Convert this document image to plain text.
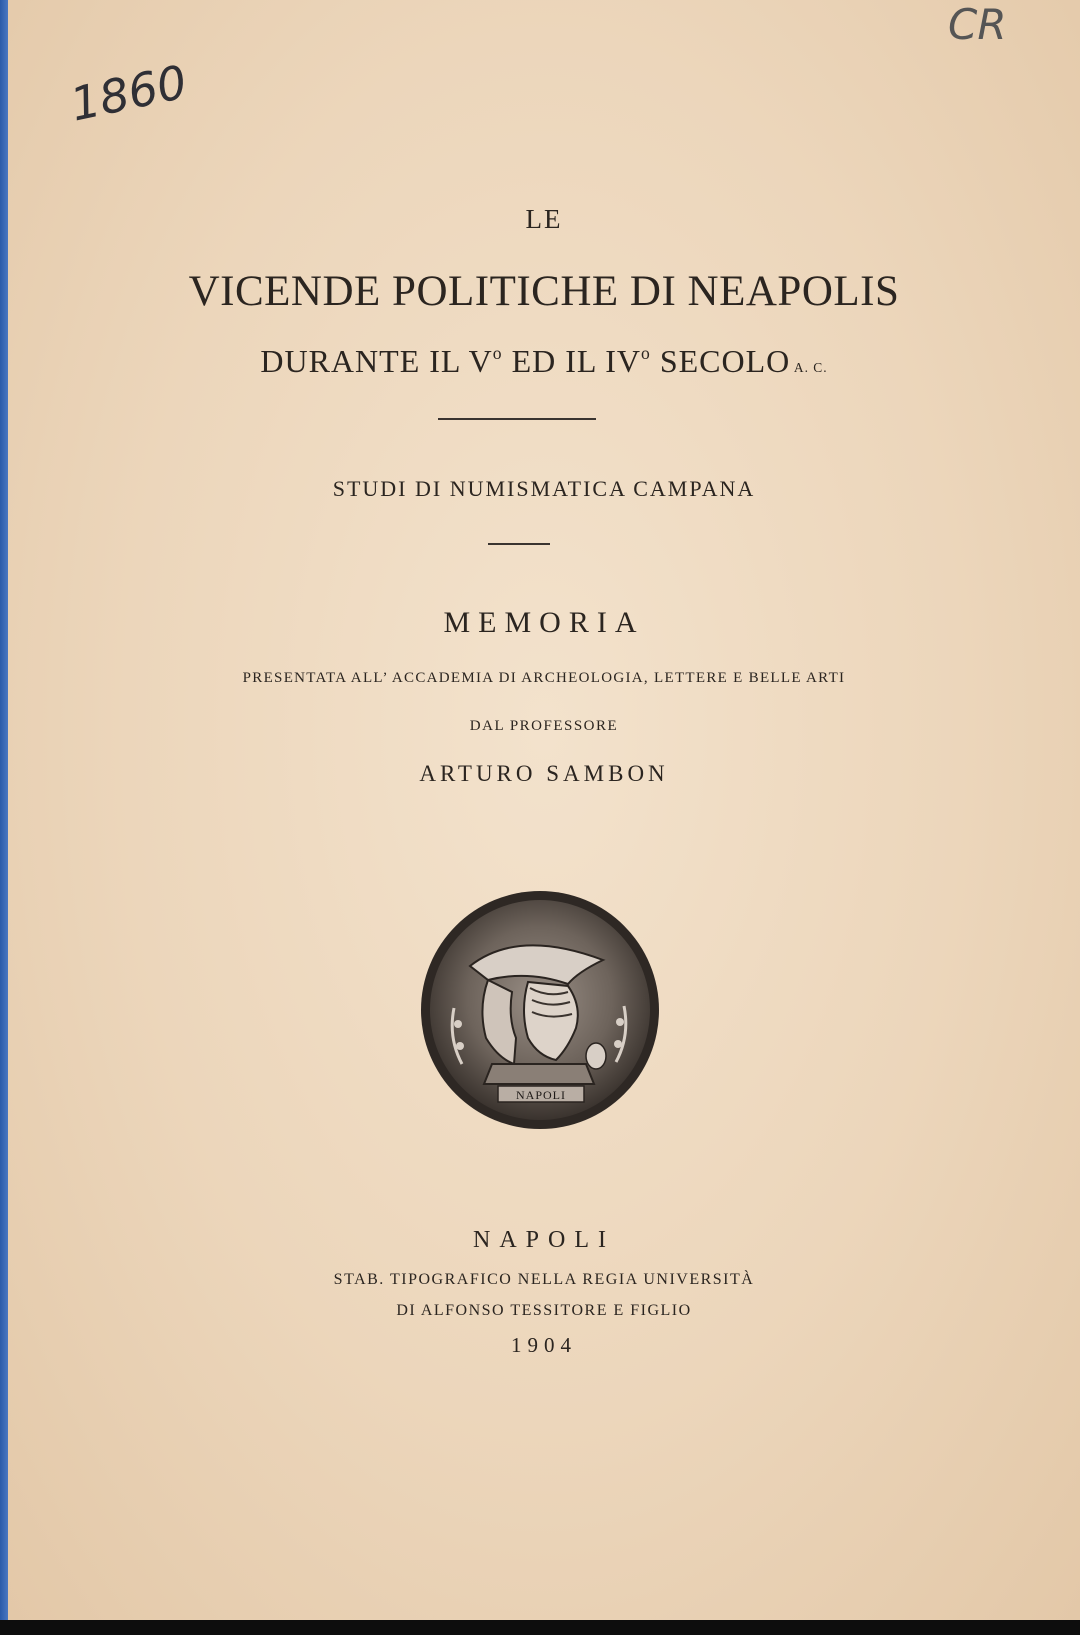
1860
CR
LE
VICENDE POLITICHE DI NEAPOLIS
DURANTE IL $V^o$ ED IL $IV^o$ SECOLO A. C.
STUDI DI NUMISMATICA CAMPANA
MEMORIA
PRESENTATA ALL’ ACCADEMIA DI ARCHEOLOGIA, LETTERE E BELLE ARTI
DAL PROFESSORE
ARTURO SAMBON
NAPOLI
NAPOLI
STAB. TIPOGRAFICO NELLA REGIA UNIVERSITÀ
DI ALFONSO TESSITORE E FIGLIO
1904
